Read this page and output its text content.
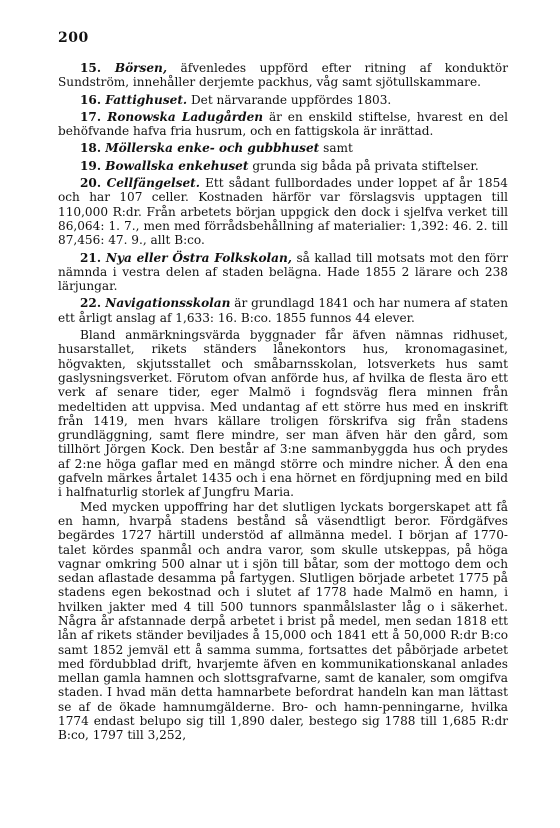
200

15. Börsen, äfvenledes uppförd efter ritning af konduktör Sundström, innehåller derjemte packhus, våg samt sjötullskammare.

16. Fattighuset. Det närvarande uppfördes 1803.

17. Ronowska Ladugården är en enskild stiftelse, hvarest en del behöfvande hafva fria husrum, och en fattigskola är inrättad.

18. Möllerska enke- och gubbhuset samt

19. Bowallska enkehuset grunda sig båda på privata stiftelser.

20. Cellfängelset. Ett sådant fullbordades under loppet af år 1854 och har 107 celler. Kostnaden härför var förslagsvis upptagen till 110,000 R:dr. Från arbetets början uppgick den dock i sjelfva verket till 86,064: 1. 7., men med förrådsbehållning af materialier: 1,392: 46. 2. till 87,456: 47. 9., allt B:co.

21. Nya eller Östra Folkskolan, så kallad till motsats mot den förr nämnda i vestra delen af staden belägna. Hade 1855 2 lärare och 238 lärjungar.

22. Navigationsskolan är grundlagd 1841 och har numera af staten ett årligt anslag af 1,633: 16. B:co. 1855 funnos 44 elever.

Bland anmärkningsvärda byggnader får äfven nämnas ridhuset, husarstallet, rikets ständers lånekontors hus, kronomagasinet, högvakten, skjutsstallet och småbarnsskolan, lotsverkets hus samt gaslysningsverket. Förutom ofvan anförde hus, af hvilka de flesta äro ett verk af senare tider, eger Malmö i fogndsväg flera minnen från medeltiden att uppvisa. Med undantag af ett större hus med en inskrift från 1419, men hvars källare troligen förskrifva sig från stadens grundläggning, samt flere mindre, ser man äfven här den gård, som tillhört Jörgen Kock. Den består af 3:ne sammanbyggda hus och prydes af 2:ne höga gaflar med en mängd större och mindre nicher. Å den ena gafveln märkes årtalet 1435 och i ena hörnet en fördjupning med en bild i halfnaturlig storlek af Jungfru Maria.

Med mycken uppoffring har det slutligen lyckats borgerskapet att få en hamn, hvarpå stadens bestånd så väsendtligt beror. Fördgäfves begärdes 1727 härtill understöd af allmänna medel. I början af 1770-talet kördes spanmål och andra varor, som skulle utskeppas, på höga vagnar omkring 500 alnar ut i sjön till båtar, som der mottogo dem och sedan aflastade desamma på fartygen. Slutligen började arbetet 1775 på stadens egen bekostnad och i slutet af 1778 hade Malmö en hamn, i hvilken jakter med 4 till 500 tunnors spanmålslaster låg o i säkerhet. Några år afstannade derpå arbetet i brist på medel, men sedan 1818 ett lån af rikets ständer beviljades å 15,000 och 1841 ett å 50,000 R:dr B:co samt 1852 jemväl ett å samma summa, fortsattes det påbörjade arbetet med fördubblad drift, hvarjemte äfven en kommunikationskanal anlades mellan gamla hamnen och slottsgrafvarne, samt de kanaler, som omgifva staden. I hvad män detta hamnarbete befordrat handeln kan man lättast se af de ökade hamnumgälderne. Bro- och hamn-penningarne, hvilka 1774 endast belupo sig till 1,890 daler, bestego sig 1788 till 1,685 R:dr B:co, 1797 till 3,252,
